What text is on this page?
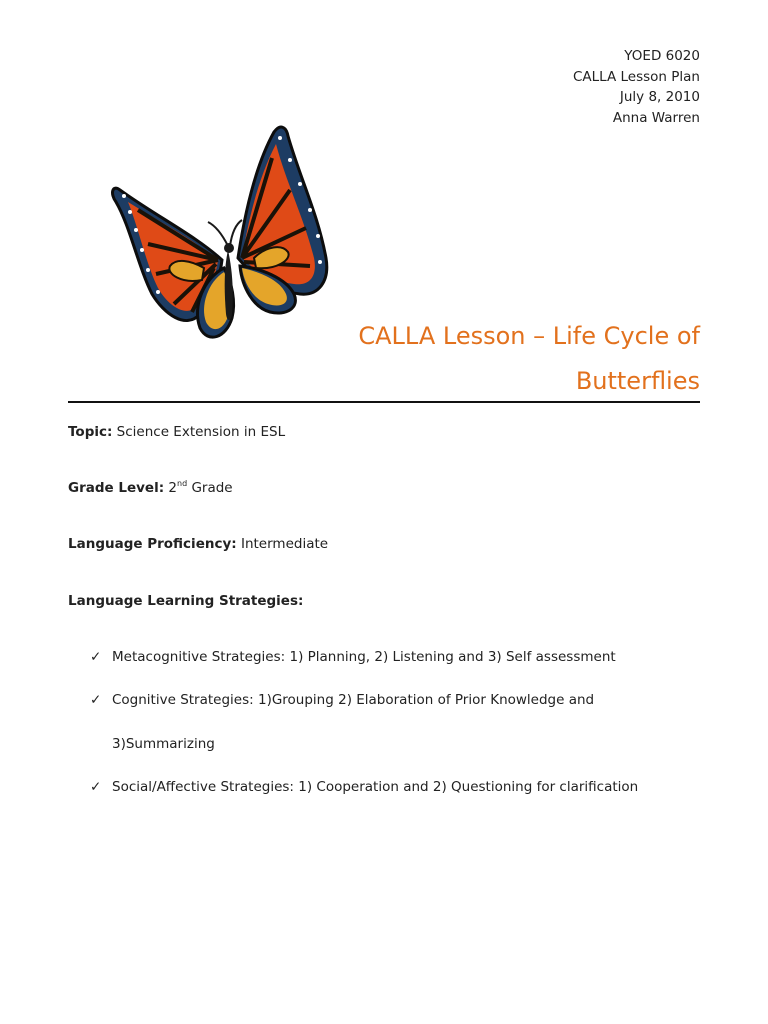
YOED 6020
CALLA Lesson Plan
July 8, 2010
Anna Warren
CALLA Lesson – Life Cycle of
Butterflies
Topic: Science Extension in ESL
Grade Level: 2nd Grade
Language Proficiency: Intermediate
Language Learning Strategies:
✓ Metacognitive Strategies: 1) Planning, 2) Listening and 3) Self assessment
✓ Cognitive Strategies: 1)Grouping 2) Elaboration of Prior Knowledge and
3)Summarizing
✓ Social/Affective Strategies: 1) Cooperation and 2) Questioning for clarification
